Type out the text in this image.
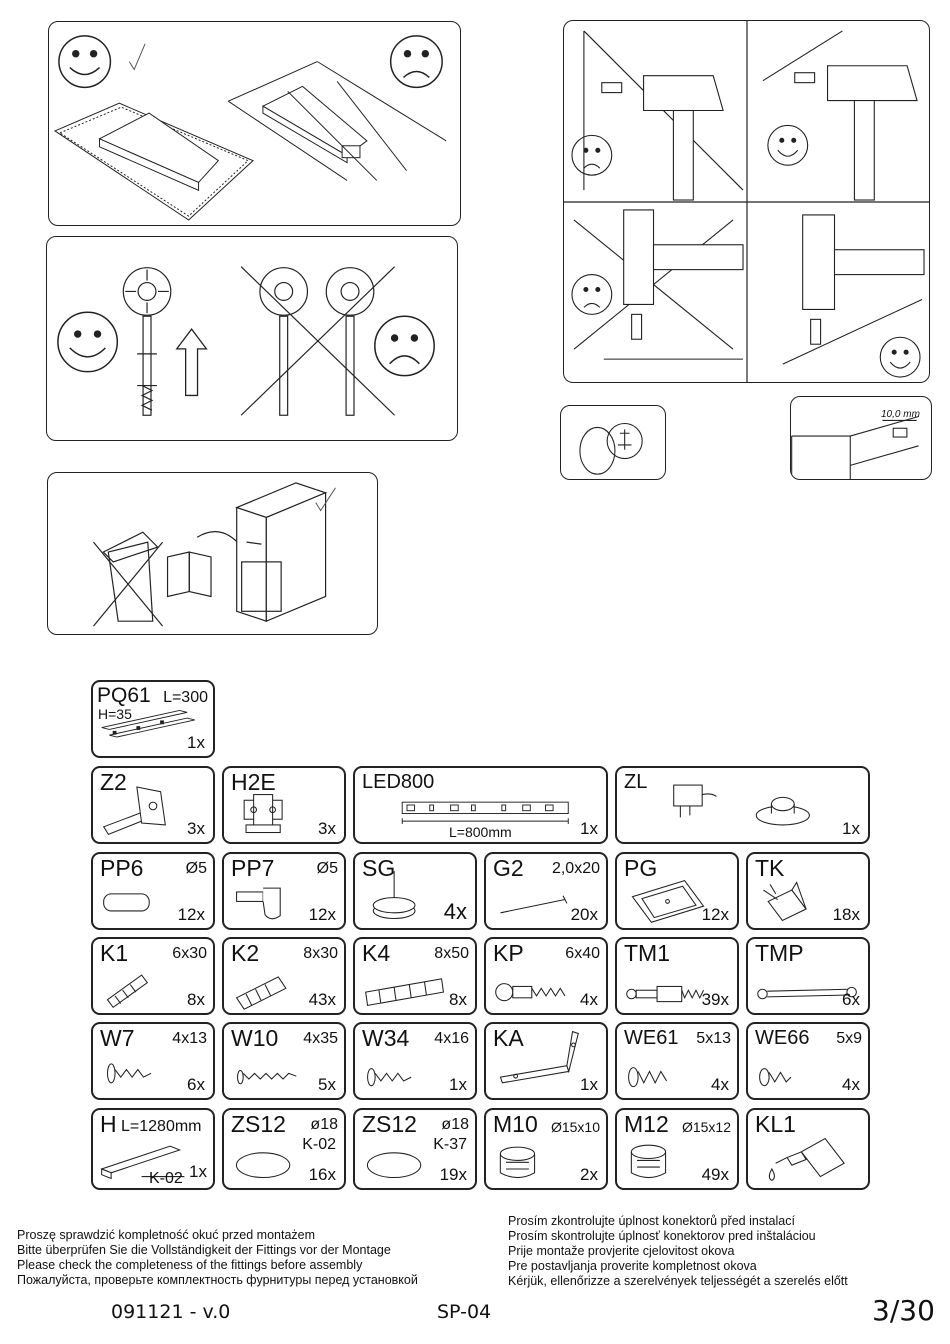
10,0 mm
PQ61 L=300
H=35
1x
Z2
3x
H2E
3x
LED800
L=800mm	1x
ZL
1x
PP6	Ø5
12x
PP7	Ø5
12x
SG
4x
G2 2,0x20
20x
PG
12x
TK
18x
K1	6x30
8x
K2	8x30
43x
K4	8x50
8x
KP	6x40
4x
TM1
39x
TMP
6x
W7 4x13
6x
W10 4x35
5x
W34 4x16
1x
KA
1x
WE61 5x13
4x
WE66 5x9
4x
H L=1280mm
K-02 1x
ZS12 ø18
K-02
16x
ZS12 ø18
K-37
19x
M10 Ø15x10
2x
M12 Ø15x12
49x
KL1
Proszę sprawdzić kompletność okuć przed montażem
Bitte überprüfen Sie die Vollständigkeit der Fittings vor der Montage
Please check the completeness of the fittings before assembly
Пожалуйста, проверьте комплектность фурнитуры перед установкой
Prosím zkontrolujte úplnost konektorů před instalací
Prosím skontrolujte úplnosť konektorov pred inštaláciou
Prije montaže provjerite cjelovitost okova
Pre postavljanja proverite kompletnost okova
Kérjük, ellenőrizze a szerelvények teljességét a szerelés előtt
091121 - v.0	SP-04	3/30
